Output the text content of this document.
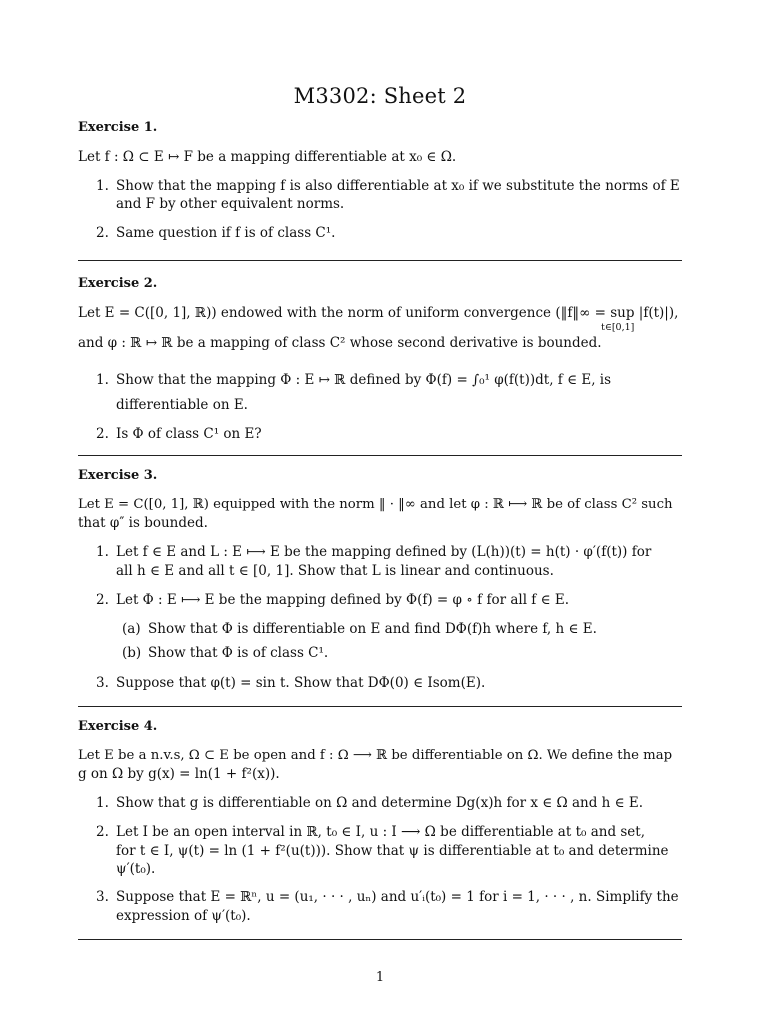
M3302: Sheet 2
Exercise 1.
Let f : Ω ⊂ E ↦ F be a mapping differentiable at x₀ ∈ Ω.
1. Show that the mapping f is also differentiable at x₀ if we substitute the norms of E
and F by other equivalent norms.
2. Same question if f is of class C¹.
Exercise 2.
Let E = C([0, 1], ℝ)) endowed with the norm of uniform convergence (‖f‖∞ = sup |f(t)|),
t∈[0,1]
and φ : ℝ ↦ ℝ be a mapping of class C² whose second derivative is bounded.
1. Show that the mapping Φ : E ↦ ℝ defined by Φ(f) = ∫₀¹ φ(f(t))dt, f ∈ E, is
differentiable on E.
2. Is Φ of class C¹ on E?
Exercise 3.
Let E = C([0, 1], ℝ) equipped with the norm ‖ · ‖∞ and let φ : ℝ ⟼ ℝ be of class C² such
that φ″ is bounded.
1. Let f ∈ E and L : E ⟼ E be the mapping defined by (L(h))(t) = h(t) · φ′(f(t)) for
all h ∈ E and all t ∈ [0, 1]. Show that L is linear and continuous.
2. Let Φ : E ⟼ E be the mapping defined by Φ(f) = φ ∘ f for all f ∈ E.
(a) Show that Φ is differentiable on E and find DΦ(f)h where f, h ∈ E.
(b) Show that Φ is of class C¹.
3. Suppose that φ(t) = sin t. Show that DΦ(0) ∈ Isom(E).
Exercise 4.
Let E be a n.v.s, Ω ⊂ E be open and f : Ω ⟶ ℝ be differentiable on Ω. We define the map
g on Ω by g(x) = ln(1 + f²(x)).
1. Show that g is differentiable on Ω and determine Dg(x)h for x ∈ Ω and h ∈ E.
2. Let I be an open interval in ℝ, t₀ ∈ I, u : I ⟶ Ω be differentiable at t₀ and set,
for t ∈ I, ψ(t) = ln (1 + f²(u(t))). Show that ψ is differentiable at t₀ and determine
ψ′(t₀).
3. Suppose that E = ℝⁿ, u = (u₁, · · · , uₙ) and u′ᵢ(t₀) = 1 for i = 1, · · · , n. Simplify the
expression of ψ′(t₀).
1
